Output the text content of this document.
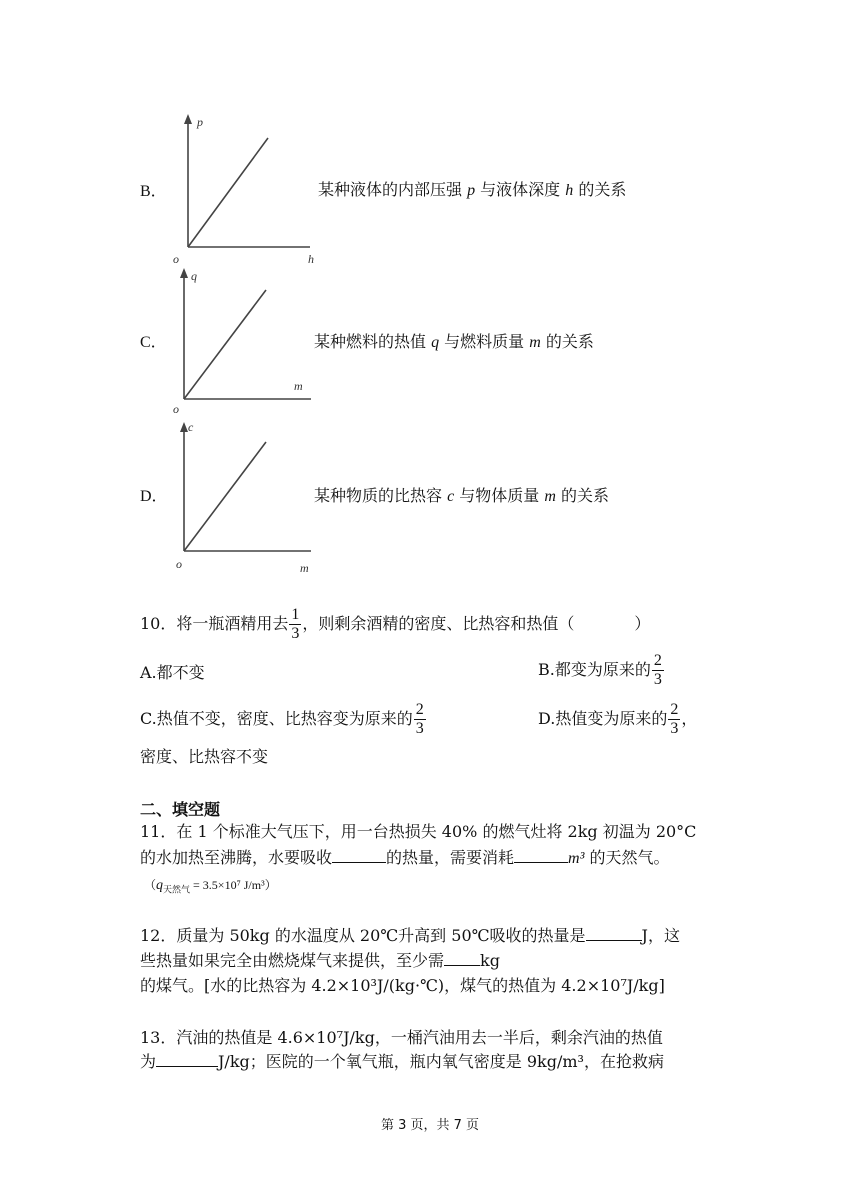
B．
p
h
o
某种液体的内部压强 p 与液体深度 h 的关系
C．
q
m
o
某种燃料的热值 q 与燃料质量 m 的关系
D．
c
m
o
某种物质的比热容 c 与物体质量 m 的关系
10．将一瓶酒精用去 $\frac{1}{3}$ ，则剩余酒精的密度、比热容和热值（	）
A.都不变	B.都变为原来的 $\frac{2}{3}$
C.热值不变，密度、比热容变为原来的 $\frac{2}{3}$	D.热值变为原来的 $\frac{2}{3}$ ，
密度、比热容不变
二、填空题
11．在 1 个标准大气压下，用一台热损失 40% 的燃气灶将 2kg 初温为 20°C
的水加热至沸腾，水要吸收	的热量，需要消耗	m³ 的天然气。
（$q_{天然气} = 3.5\times 10^7$ J/m³）
12．质量为 50kg 的水温度从 20℃升高到 50℃吸收的热量是	J，这
些热量如果完全由燃烧煤气来提供，至少需 kg
的煤气。[水的比热容为 4.2×10³J/(kg·℃)，煤气的热值为 4.2×10⁷J/kg]
13．汽油的热值是 4.6×10⁷J/kg，一桶汽油用去一半后，剩余汽油的热值
为	J/kg；医院的一个氧气瓶，瓶内氧气密度是 9kg/m³，在抢救病
第 3 页，共 7 页
